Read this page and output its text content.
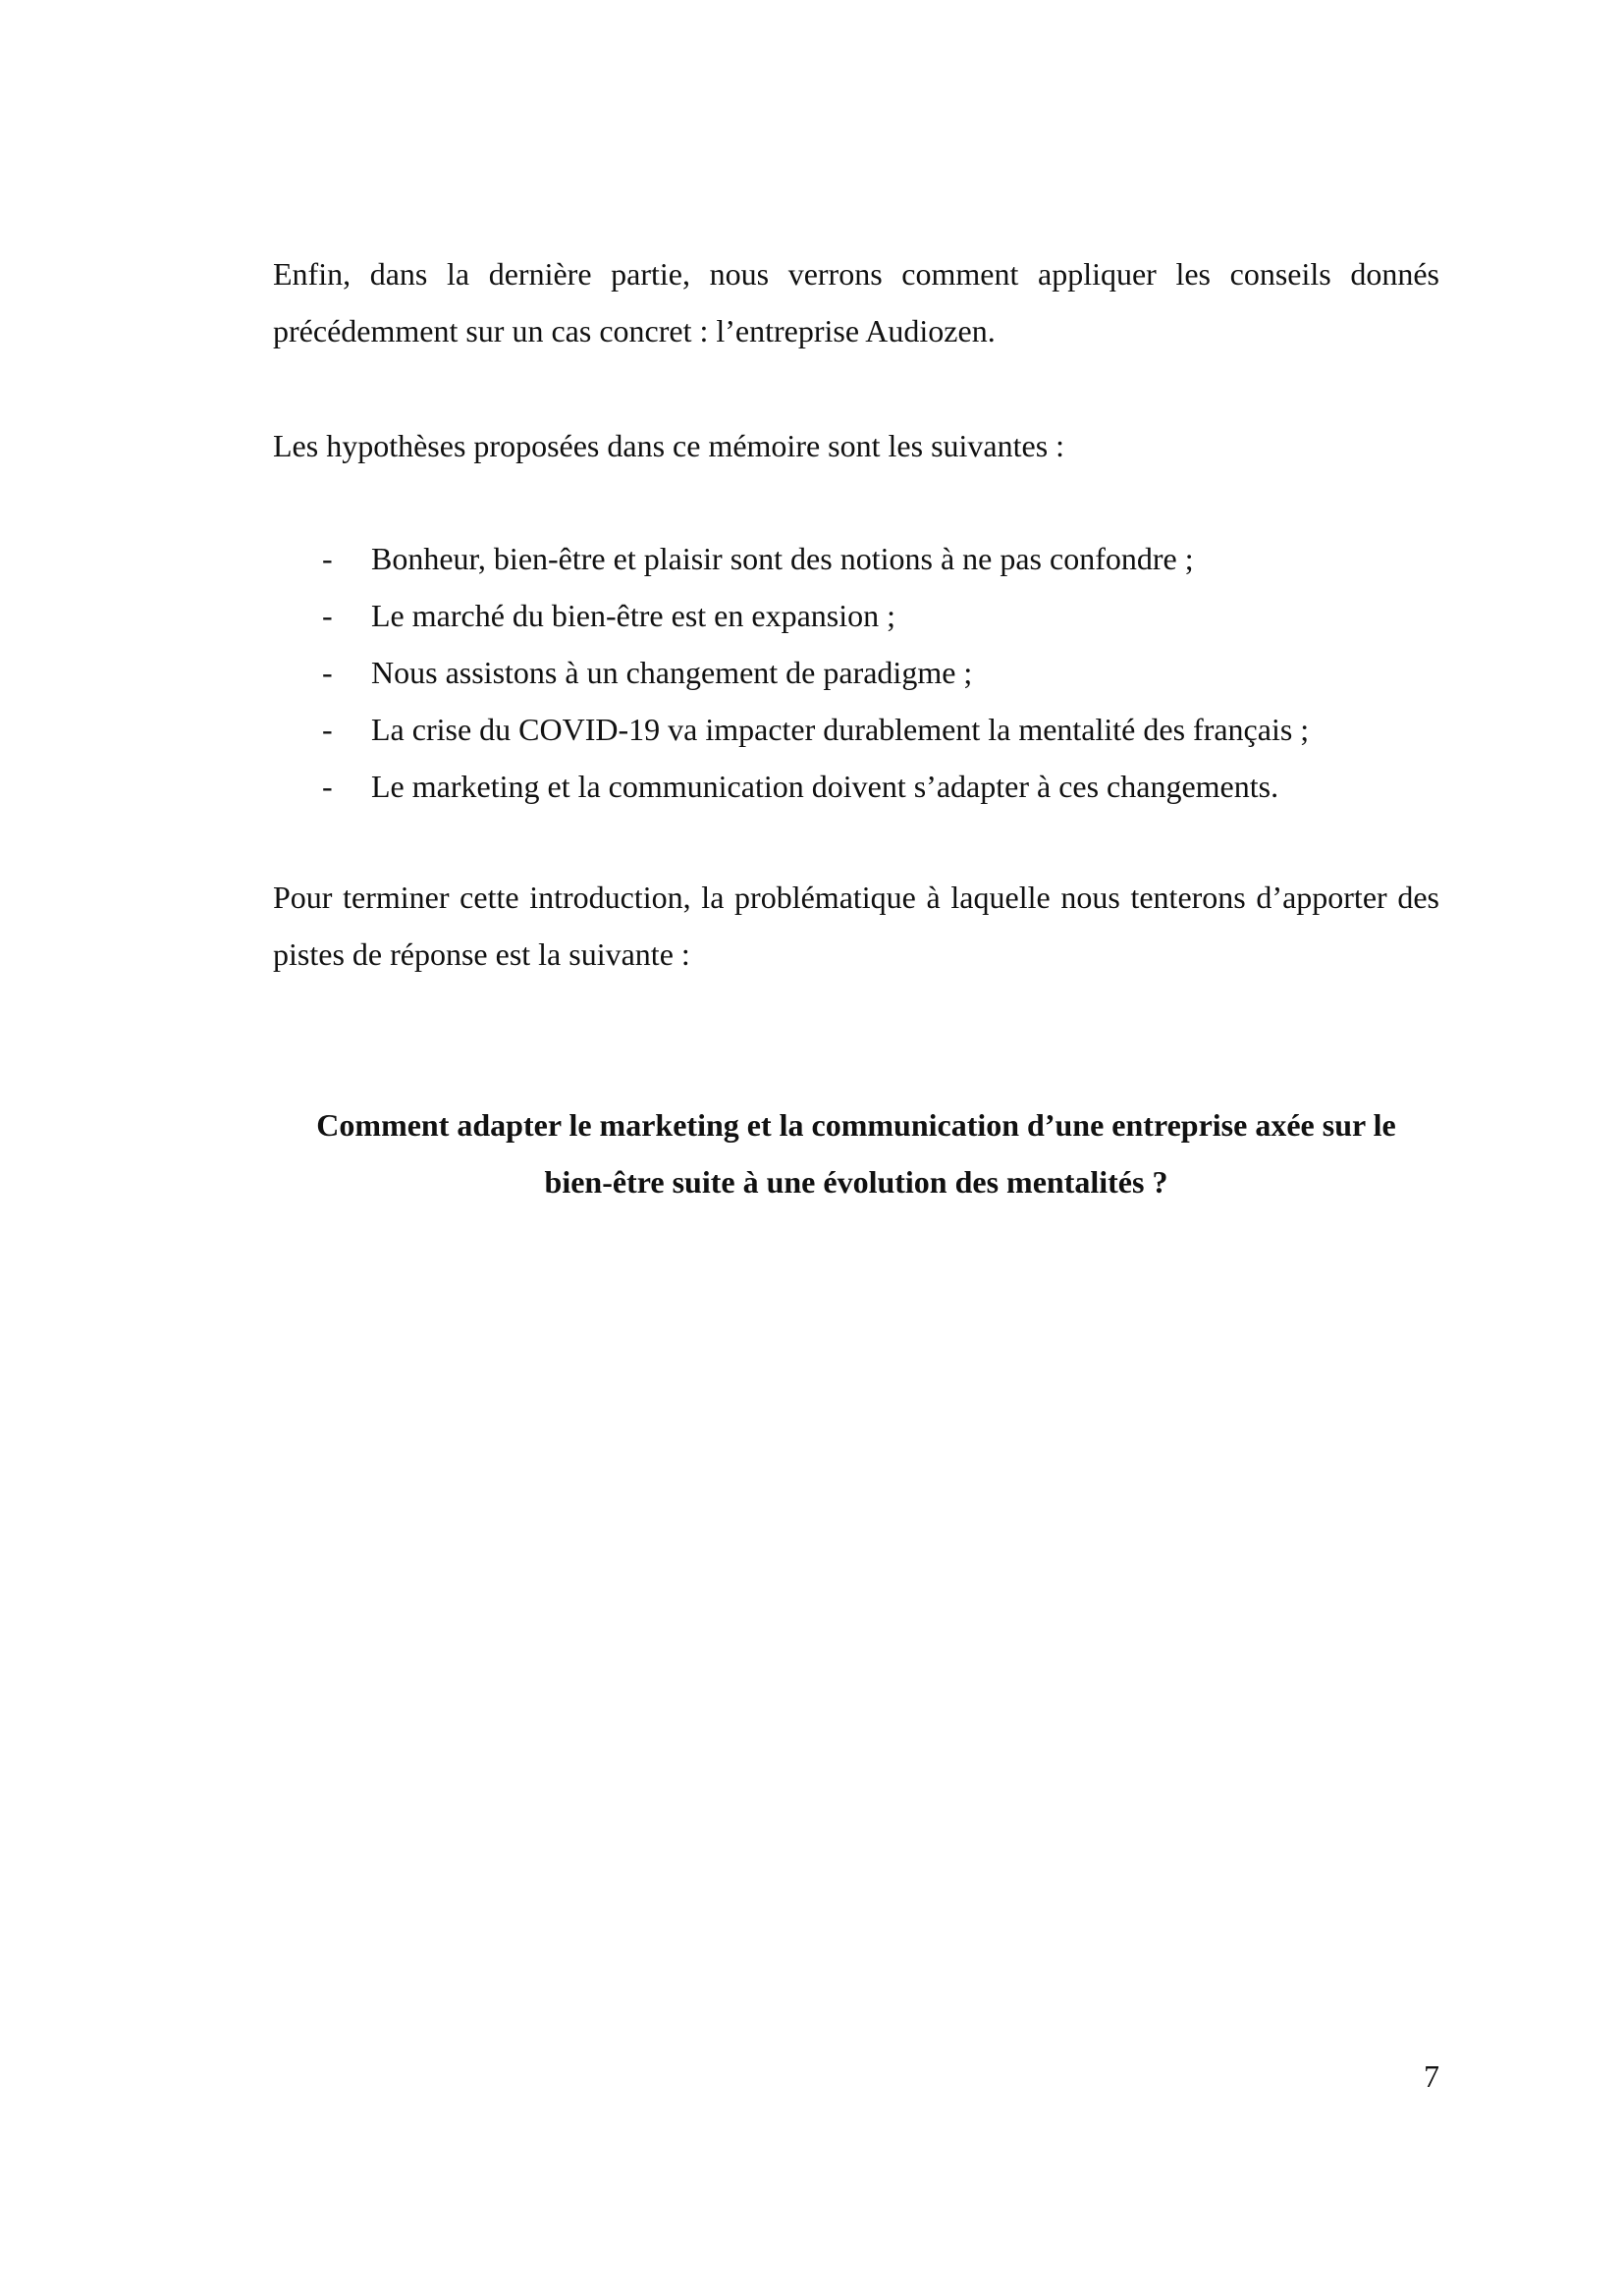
Enfin, dans la dernière partie, nous verrons comment appliquer les conseils donnés précédemment sur un cas concret : l’entreprise Audiozen.

Les hypothèses proposées dans ce mémoire sont les suivantes :

- Bonheur, bien-être et plaisir sont des notions à ne pas confondre ;
- Le marché du bien-être est en expansion ;
- Nous assistons à un changement de paradigme ;
- La crise du COVID-19 va impacter durablement la mentalité des français ;
- Le marketing et la communication doivent s’adapter à ces changements.

Pour terminer cette introduction, la problématique à laquelle nous tenterons d’apporter des pistes de réponse est la suivante :

Comment adapter le marketing et la communication d’une entreprise axée sur le
bien-être suite à une évolution des mentalités ?
7
